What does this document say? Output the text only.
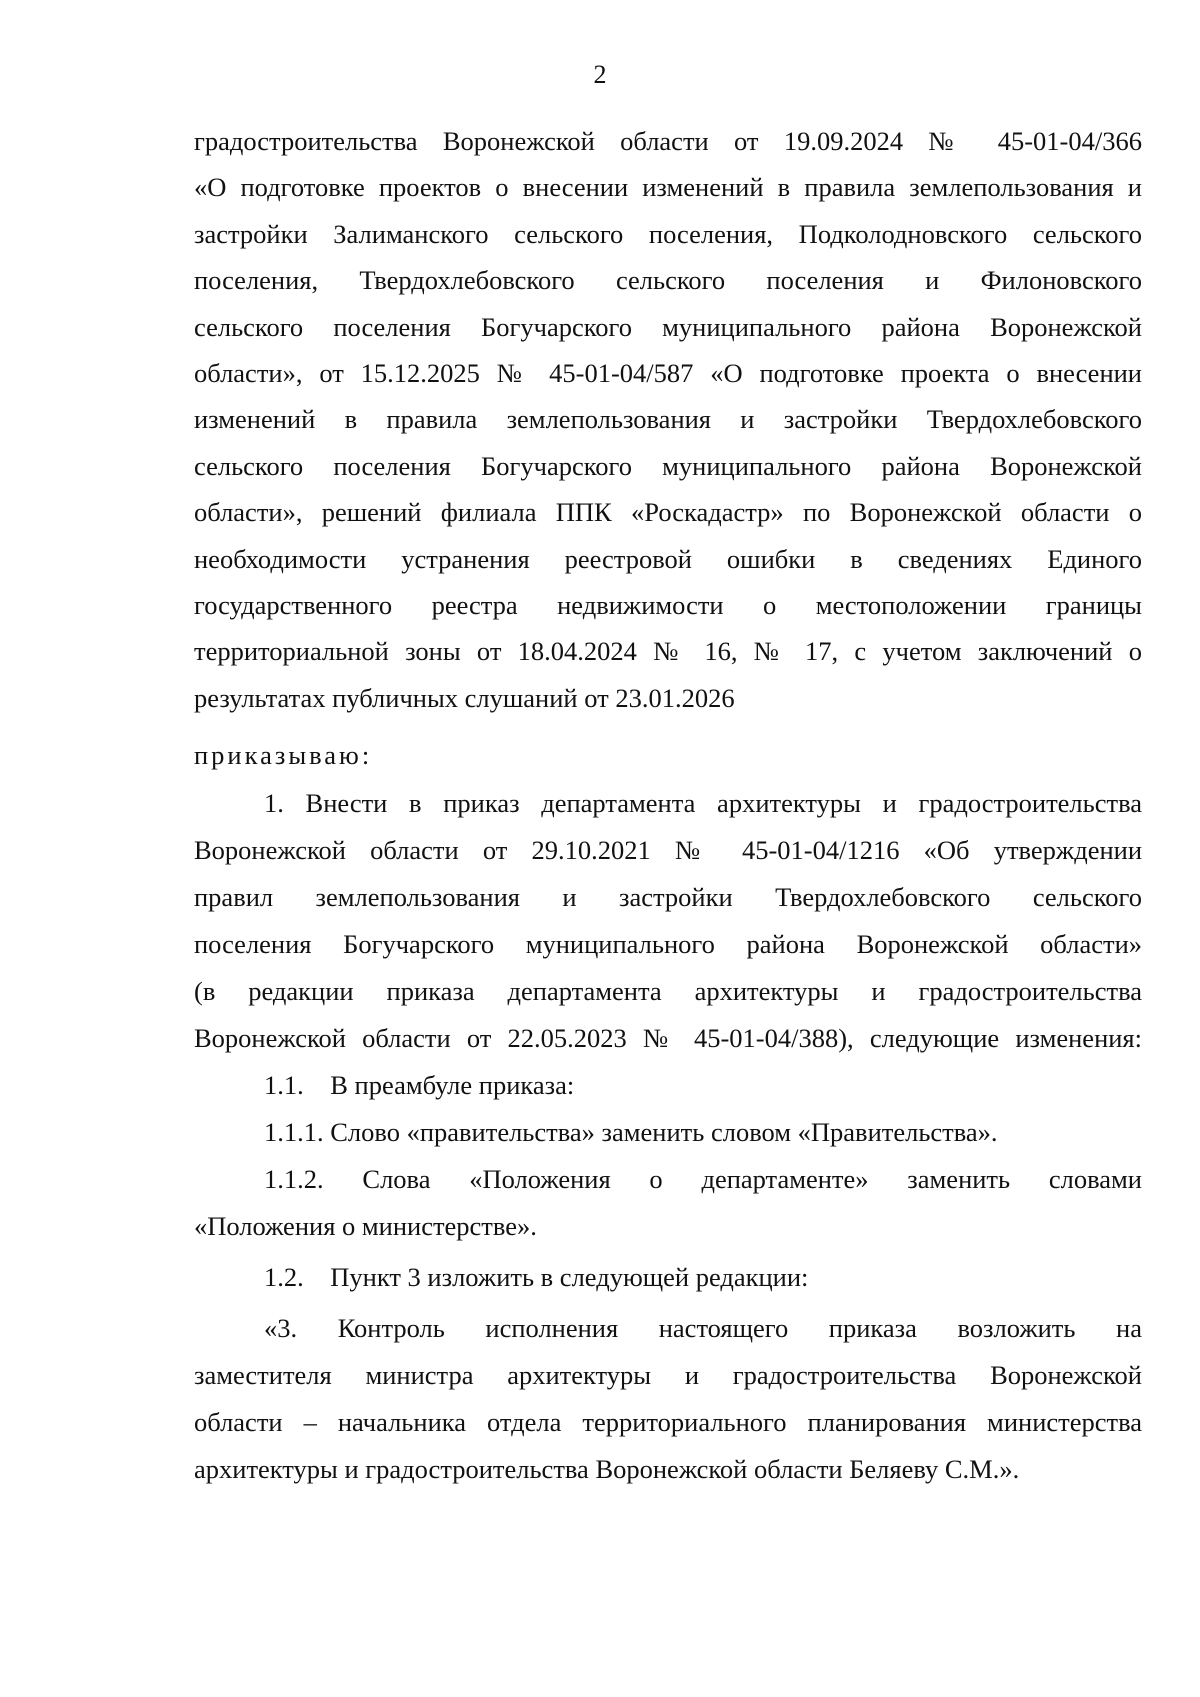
2
градостроительства Воронежской области от 19.09.2024 № 45-01-04/366
«О подготовке проектов о внесении изменений в правила землепользования и
застройки Залиманского сельского поселения, Подколодновского сельского
поселения, Твердохлебовского сельского поселения и Филоновского
сельского поселения Богучарского муниципального района Воронежской
области», от 15.12.2025 № 45-01-04/587 «О подготовке проекта о внесении
изменений в правила землепользования и застройки Твердохлебовского
сельского поселения Богучарского муниципального района Воронежской
области», решений филиала ППК «Роскадастр» по Воронежской области о
необходимости устранения реестровой ошибки в сведениях Единого
государственного реестра недвижимости о местоположении границы
территориальной зоны от 18.04.2024 № 16, № 17, с учетом заключений о
результатах публичных слушаний от 23.01.2026
приказываю:
1. Внести в приказ департамента архитектуры и градостроительства
Воронежской области от 29.10.2021 № 45-01-04/1216 «Об утверждении
правил землепользования и застройки Твердохлебовского сельского
поселения Богучарского муниципального района Воронежской области»
(в редакции приказа департамента архитектуры и градостроительства
Воронежской области от 22.05.2023 № 45-01-04/388), следующие изменения:
1.1.    В преамбуле приказа:
1.1.1. Слово «правительства» заменить словом «Правительства».
1.1.2. Слова «Положения о департаменте» заменить словами
«Положения о министерстве».
1.2.    Пункт 3 изложить в следующей редакции:
«3. Контроль исполнения настоящего приказа возложить на
заместителя министра архитектуры и градостроительства Воронежской
области – начальника отдела территориального планирования министерства
архитектуры и градостроительства Воронежской области Беляеву С.М.».
